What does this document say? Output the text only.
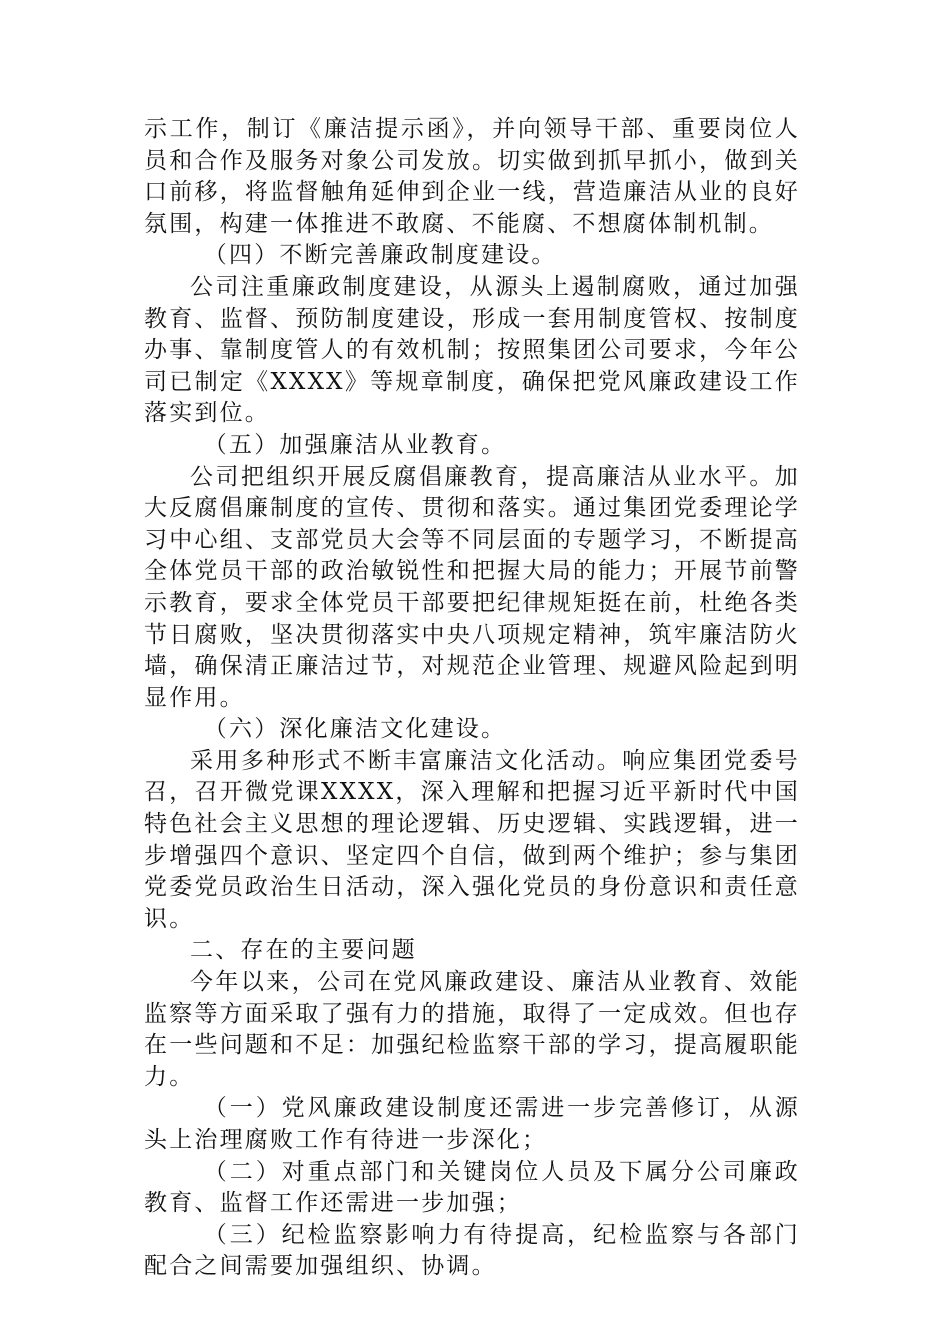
示工作，制订《廉洁提示函》，并向领导干部、重要岗位人员和合作及服务对象公司发放。切实做到抓早抓小，做到关口前移，将监督触角延伸到企业一线，营造廉洁从业的良好氛围，构建一体推进不敢腐、不能腐、不想腐体制机制。

（四）不断完善廉政制度建设。

公司注重廉政制度建设，从源头上遏制腐败，通过加强教育、监督、预防制度建设，形成一套用制度管权、按制度办事、靠制度管人的有效机制；按照集团公司要求，今年公司已制定《XXXX》等规章制度，确保把党风廉政建设工作落实到位。

（五）加强廉洁从业教育。

公司把组织开展反腐倡廉教育，提高廉洁从业水平。加大反腐倡廉制度的宣传、贯彻和落实。通过集团党委理论学习中心组、支部党员大会等不同层面的专题学习，不断提高全体党员干部的政治敏锐性和把握大局的能力；开展节前警示教育，要求全体党员干部要把纪律规矩挺在前，杜绝各类节日腐败，坚决贯彻落实中央八项规定精神，筑牢廉洁防火墙，确保清正廉洁过节，对规范企业管理、规避风险起到明显作用。

（六）深化廉洁文化建设。

采用多种形式不断丰富廉洁文化活动。响应集团党委号召，召开微党课XXXX，深入理解和把握习近平新时代中国特色社会主义思想的理论逻辑、历史逻辑、实践逻辑，进一步增强四个意识、坚定四个自信，做到两个维护；参与集团党委党员政治生日活动，深入强化党员的身份意识和责任意识。

二、存在的主要问题

今年以来，公司在党风廉政建设、廉洁从业教育、效能监察等方面采取了强有力的措施，取得了一定成效。但也存在一些问题和不足：加强纪检监察干部的学习，提高履职能力。

（一）党风廉政建设制度还需进一步完善修订，从源头上治理腐败工作有待进一步深化；

（二）对重点部门和关键岗位人员及下属分公司廉政教育、监督工作还需进一步加强；

（三）纪检监察影响力有待提高，纪检监察与各部门配合之间需要加强组织、协调。
